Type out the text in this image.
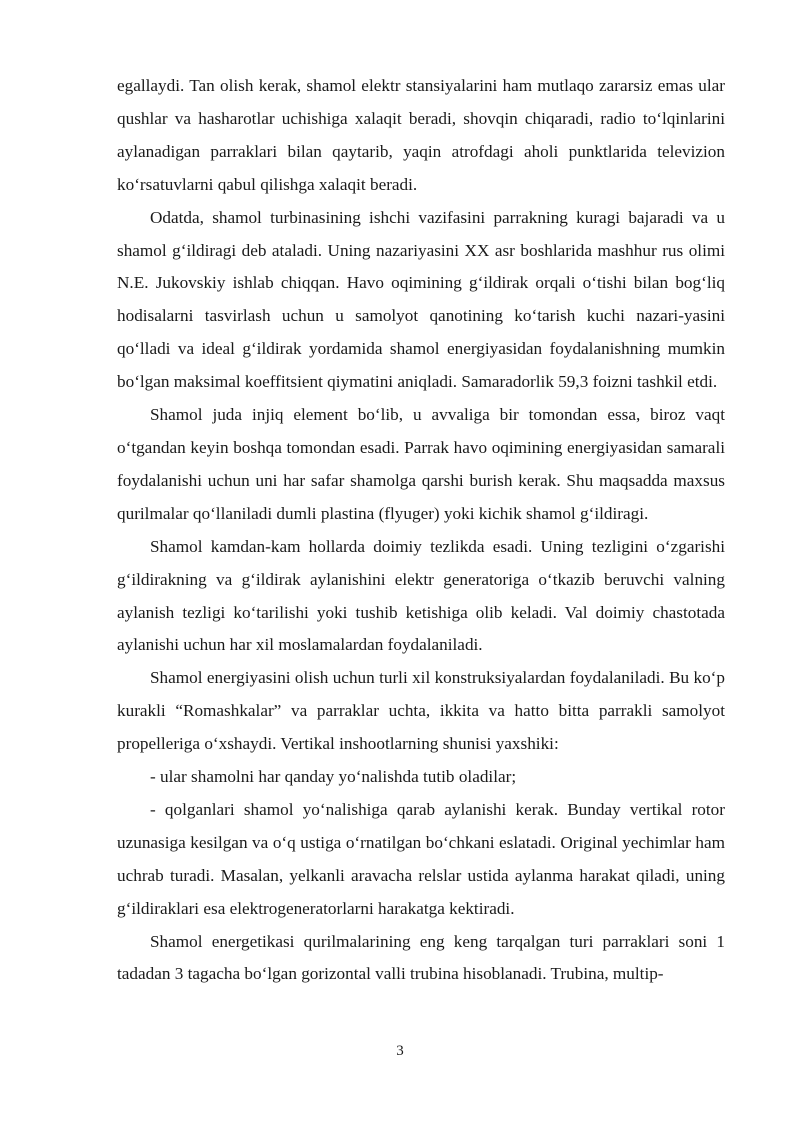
egallaydi. Tan olish kerak, shamol elektr stansiyalarini ham mutlaqo zararsiz emas ular qushlar va hasharotlar uchishiga xalaqit beradi, shovqin chiqaradi, radio to‘lqinlarini aylanadigan parraklari bilan qaytarib, yaqin atrofdagi aholi punktlarida televizion ko‘rsatuvlarni qabul qilishga xalaqit beradi.

Odatda, shamol turbinasining ishchi vazifasini parrakning kuragi bajaradi va u shamol g‘ildiragi deb ataladi. Uning nazariyasini XX asr boshlarida mashhur rus olimi N.E. Jukovskiy ishlab chiqqan. Havo oqimining g‘ildirak orqali o‘tishi bilan bog‘liq hodisalarni tasvirlash uchun u samolyot qanotining ko‘tarish kuchi nazari-yasini qo‘lladi va ideal g‘ildirak yordamida shamol energiyasidan foydalanishning mumkin bo‘lgan maksimal koeffitsient qiymatini aniqladi. Samaradorlik 59,3 foizni tashkil etdi.

Shamol juda injiq element bo‘lib, u avvaliga bir tomondan essa, biroz vaqt o‘tgandan keyin boshqa tomondan esadi. Parrak havo oqimining energiyasidan samarali foydalanishi uchun uni har safar shamolga qarshi burish kerak. Shu maqsadda maxsus qurilmalar qo‘llaniladi dumli plastina (flyuger) yoki kichik shamol g‘ildiragi.

Shamol kamdan-kam hollarda doimiy tezlikda esadi. Uning tezligini o‘zgarishi g‘ildirakning va g‘ildirak aylanishini elektr generatoriga o‘tkazib beruvchi valning aylanish tezligi ko‘tarilishi yoki tushib ketishiga olib keladi. Val doimiy chastotada aylanishi uchun har xil moslamalardan foydalaniladi.

Shamol energiyasini olish uchun turli xil konstruksiyalardan foydalaniladi. Bu ko‘p kurakli “Romashkalar” va parraklar uchta, ikkita va hatto bitta parrakli samolyot propelleriga o‘xshaydi. Vertikal inshootlarning shunisi yaxshiki:

- ular shamolni har qanday yo‘nalishda tutib oladilar;

- qolganlari shamol yo‘nalishiga qarab aylanishi kerak. Bunday vertikal rotor uzunasiga kesilgan va o‘q ustiga o‘rnatilgan bo‘chkani eslatadi. Original yechimlar ham uchrab turadi. Masalan, yelkanli aravacha relslar ustida aylanma harakat qiladi, uning g‘ildiraklari esa elektrogeneratorlarni harakatga kektiradi.

Shamol energetikasi qurilmalarining eng keng tarqalgan turi parraklari soni 1 tadadan 3 tagacha bo‘lgan gorizontal valli trubina hisoblanadi. Trubina, multip-

3
